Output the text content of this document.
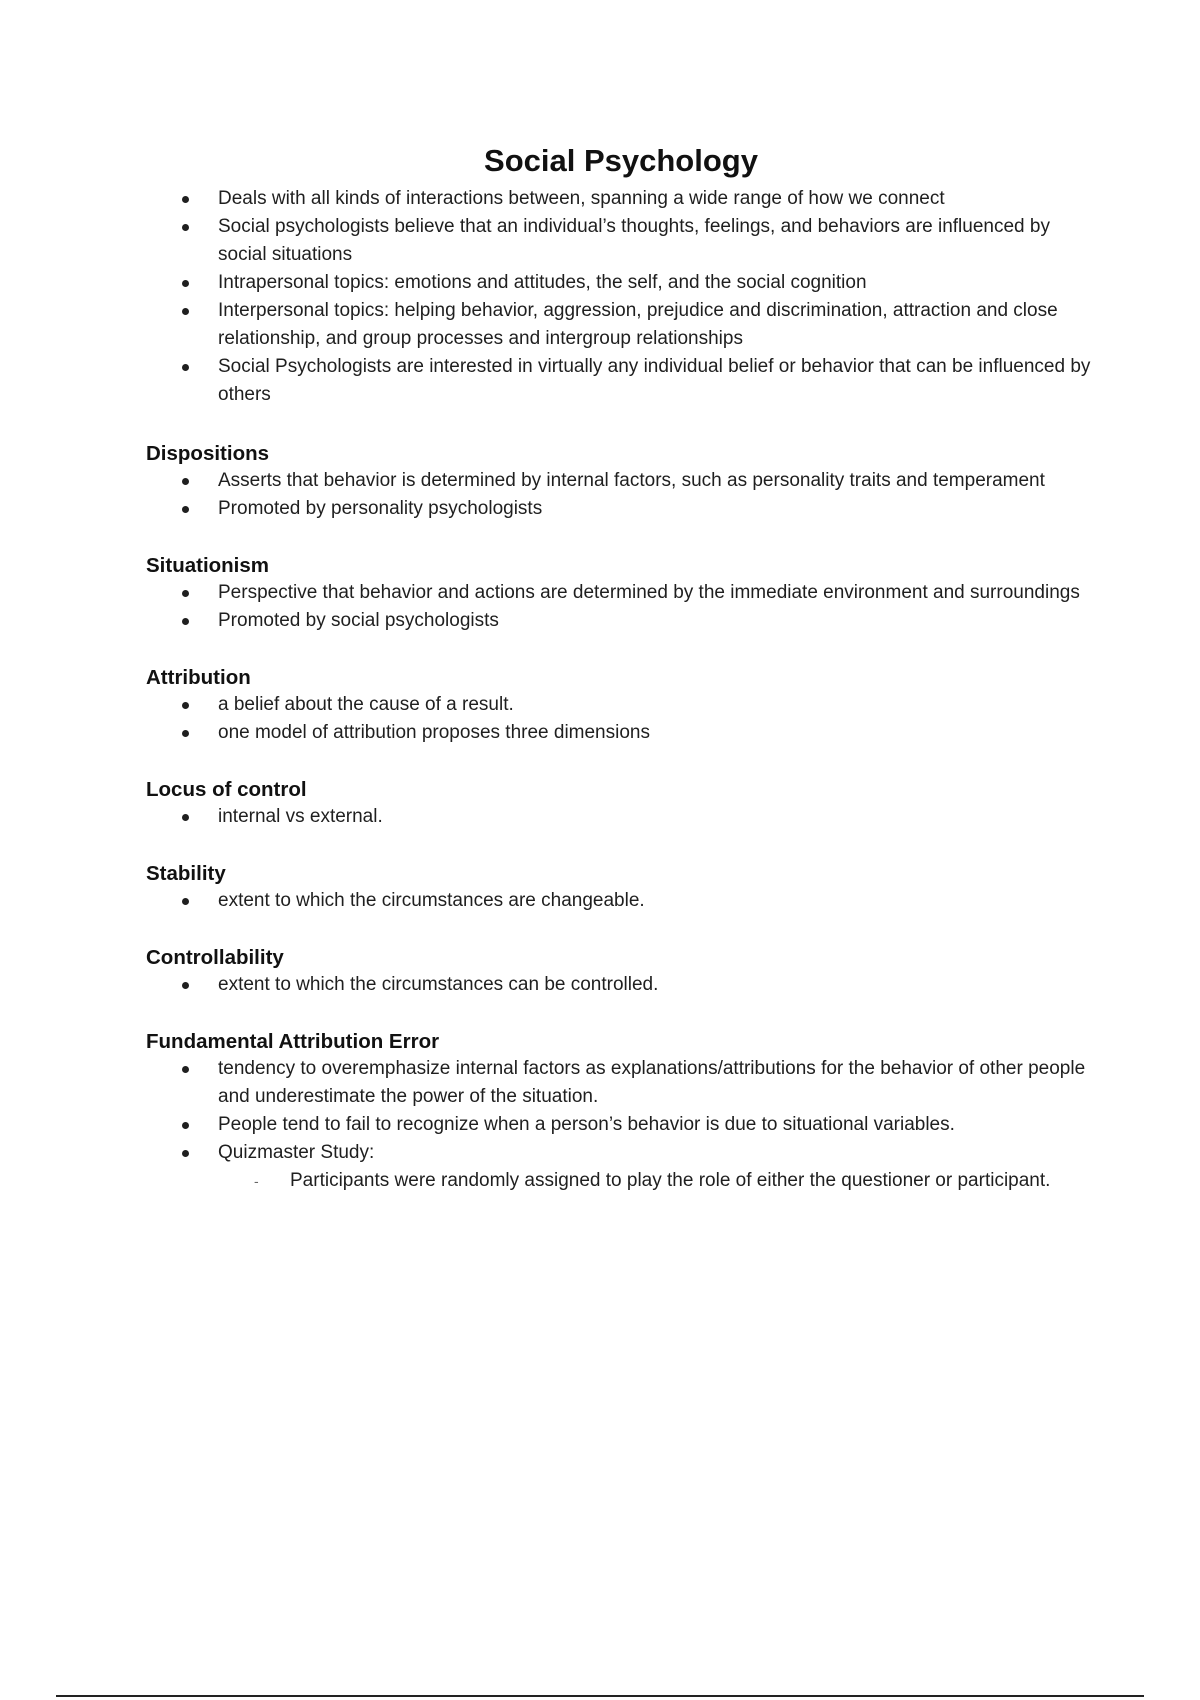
Social Psychology
Deals with all kinds of interactions between, spanning a wide range of how we connect
Social psychologists believe that an individual’s thoughts, feelings, and behaviors are influenced by social situations
Intrapersonal topics: emotions and attitudes, the self, and the social cognition
Interpersonal topics: helping behavior, aggression, prejudice and discrimination, attraction and close relationship, and group processes and intergroup relationships
Social Psychologists are interested in virtually any individual belief or behavior that can be influenced by others
Dispositions
Asserts that behavior is determined by internal factors, such as personality traits and temperament
Promoted by personality psychologists
Situationism
Perspective that behavior and actions are determined by the immediate environment and surroundings
Promoted by social psychologists
Attribution
a belief about the cause of a result.
one model of attribution proposes three dimensions
Locus of control
internal vs external.
Stability
extent to which the circumstances are changeable.
Controllability
extent to which the circumstances can be controlled.
Fundamental Attribution Error
tendency to overemphasize internal factors as explanations/attributions for the behavior of other people and underestimate the power of the situation.
People tend to fail to recognize when a person’s behavior is due to situational variables.
Quizmaster Study:
- Participants were randomly assigned to play the role of either the questioner or participant.
